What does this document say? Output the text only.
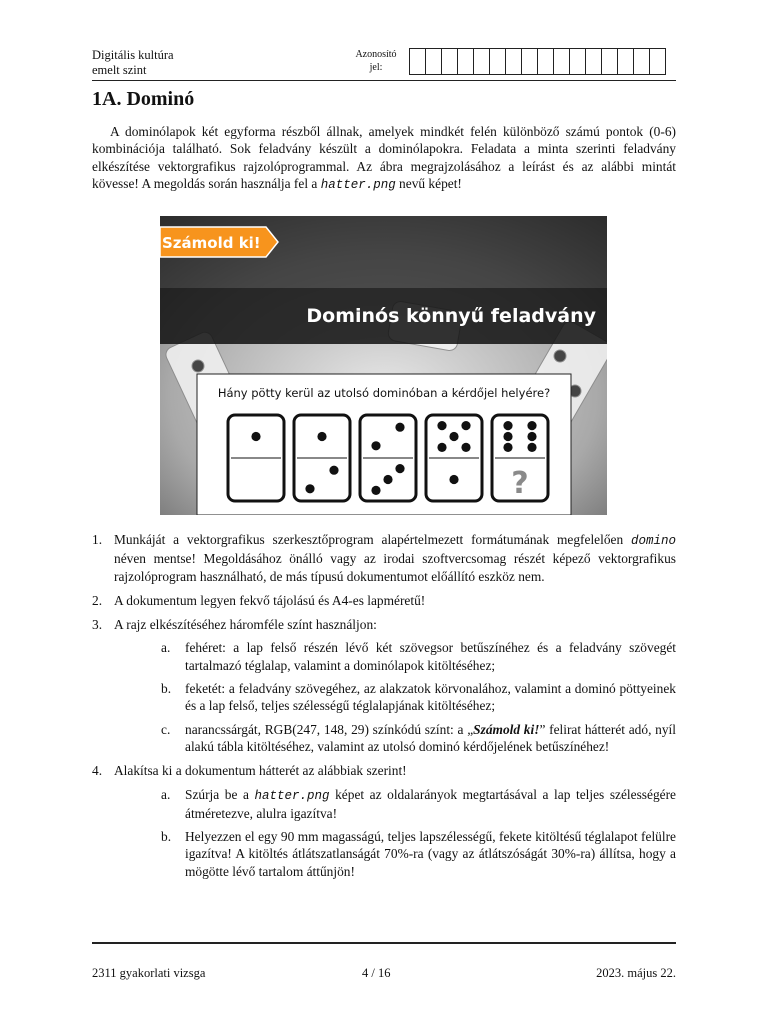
Digitális kultúra
emelt szint
Azonosító
jel:
1A. Dominó

A dominólapok két egyforma részből állnak, amelyek mindkét felén különböző számú pontok (0-6) kombinációja található. Sok feladvány készült a dominólapokra. Feladata a minta szerinti feladvány elkészítése vektorgrafikus rajzolóprogrammal. Az ábra megrajzolásához a leírást és az alábbi mintát kövesse! A megoldás során használja fel a hatter.png nevű képet!

Számold ki!
Dominós könnyű feladvány
Hány pötty kerül az utolsó dominóban a kérdőjel helyére?
?
1. Munkáját a vektorgrafikus szerkesztőprogram alapértelmezett formátumának megfelelően domino néven mentse! Megoldásához önálló vagy az irodai szoftvercsomag részét képező vektorgrafikus rajzolóprogram használható, de más típusú dokumentumot előállító eszköz nem.
2. A dokumentum legyen fekvő tájolású és A4-es lapméretű!
3. A rajz elkészítéséhez háromféle színt használjon:
a. fehéret: a lap felső részén lévő két szövegsor betűszínéhez és a feladvány szövegét tartalmazó téglalap, valamint a dominólapok kitöltéséhez;
b. feketét: a feladvány szövegéhez, az alakzatok körvonalához, valamint a dominó pöttyeinek és a lap felső, teljes szélességű téglalapjának kitöltéséhez;
c. narancssárgát, RGB(247, 148, 29) színkódú színt: a „Számold ki!” felirat hátterét adó, nyíl alakú tábla kitöltéséhez, valamint az utolsó dominó kérdőjelének betűszínéhez!
4. Alakítsa ki a dokumentum hátterét az alábbiak szerint!
a. Szúrja be a hatter.png képet az oldalarányok megtartásával a lap teljes szélességére átméretezve, alulra igazítva!
b. Helyezzen el egy 90 mm magasságú, teljes lapszélességű, fekete kitöltésű téglalapot felülre igazítva! A kitöltés átlátszatlanságát 70%-ra (vagy az átlátszóságát 30%-ra) állítsa, hogy a mögötte lévő tartalom áttűnjön!
2311 gyakorlati vizsga	4 / 16	2023. május 22.
